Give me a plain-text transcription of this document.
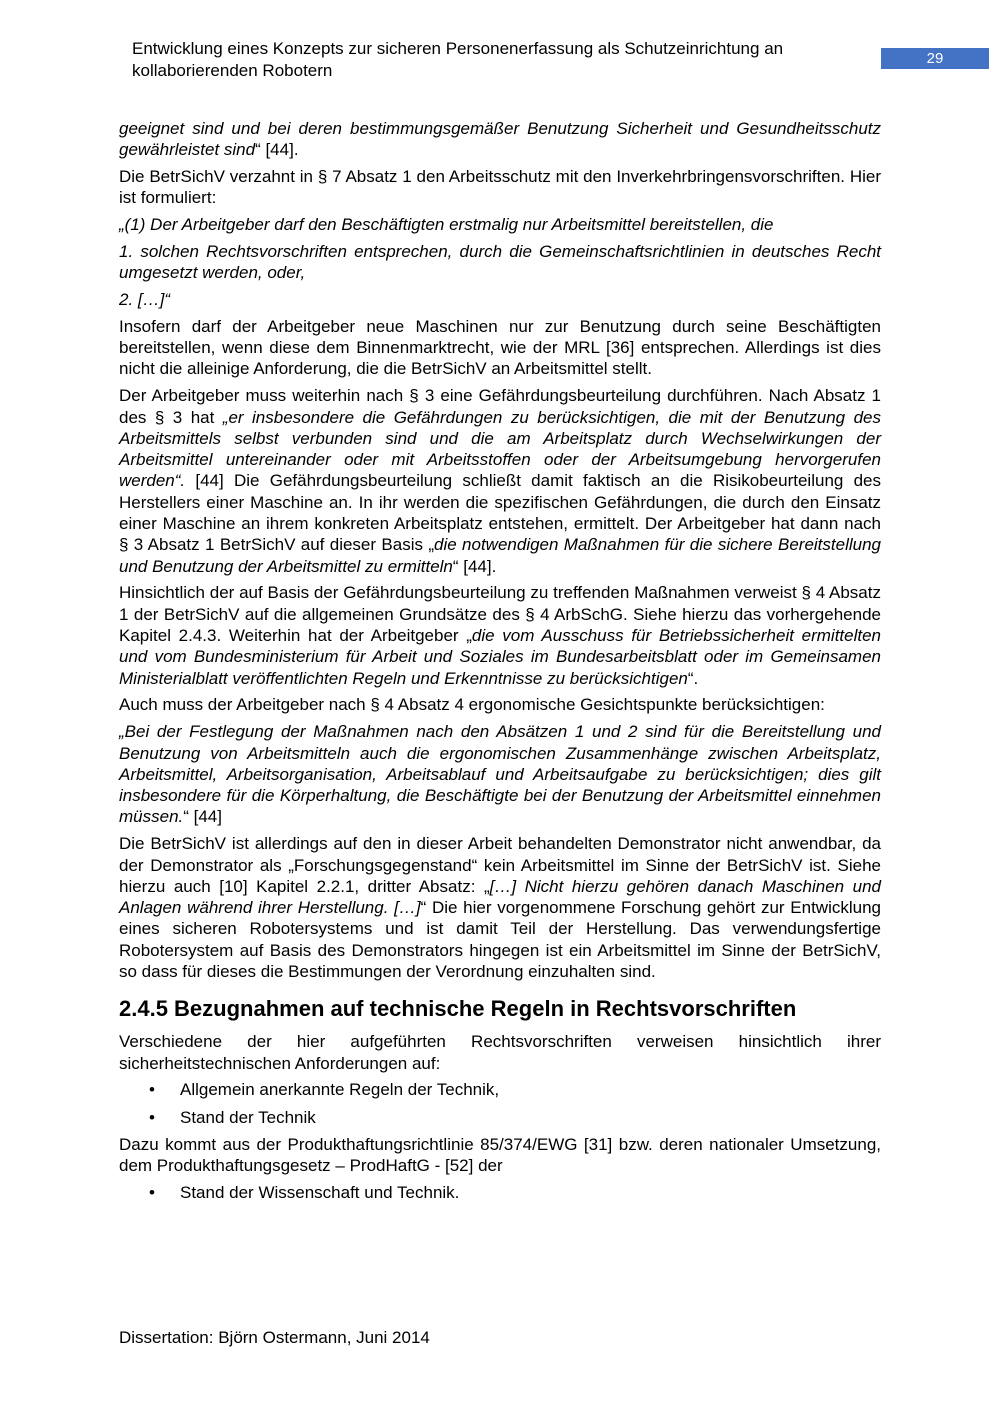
Entwicklung eines Konzepts zur sicheren Personenerfassung als Schutzeinrichtung an kollaborierenden Robotern
29

geeignet sind und bei deren bestimmungsgemäßer Benutzung Sicherheit und Gesundheitsschutz gewährleistet sind“ [44].

Die BetrSichV verzahnt in § 7 Absatz 1 den Arbeitsschutz mit den Inverkehrbringensvorschriften. Hier ist formuliert:

„(1) Der Arbeitgeber darf den Beschäftigten erstmalig nur Arbeitsmittel bereitstellen, die

1. solchen Rechtsvorschriften entsprechen, durch die Gemeinschaftsrichtlinien in deutsches Recht umgesetzt werden, oder,

2. […]“

Insofern darf der Arbeitgeber neue Maschinen nur zur Benutzung durch seine Beschäftigten bereitstellen, wenn diese dem Binnenmarktrecht, wie der MRL [36] entsprechen. Allerdings ist dies nicht die alleinige Anforderung, die die BetrSichV an Arbeitsmittel stellt.

Der Arbeitgeber muss weiterhin nach § 3 eine Gefährdungsbeurteilung durchführen. Nach Absatz 1 des § 3 hat „er insbesondere die Gefährdungen zu berücksichtigen, die mit der Benutzung des Arbeitsmittels selbst verbunden sind und die am Arbeitsplatz durch Wechselwirkungen der Arbeitsmittel untereinander oder mit Arbeitsstoffen oder der Arbeitsumgebung hervorgerufen werden“. [44] Die Gefährdungsbeurteilung schließt damit faktisch an die Risikobeurteilung des Herstellers einer Maschine an. In ihr werden die spezifischen Gefährdungen, die durch den Einsatz einer Maschine an ihrem konkreten Arbeitsplatz entstehen, ermittelt. Der Arbeitgeber hat dann nach § 3 Absatz 1 BetrSichV auf dieser Basis „die notwendigen Maßnahmen für die sichere Bereitstellung und Benutzung der Arbeitsmittel zu ermitteln“ [44].

Hinsichtlich der auf Basis der Gefährdungsbeurteilung zu treffenden Maßnahmen verweist § 4 Absatz 1 der BetrSichV auf die allgemeinen Grundsätze des § 4 ArbSchG. Siehe hierzu das vorhergehende Kapitel 2.4.3. Weiterhin hat der Arbeitgeber „die vom Ausschuss für Betriebssicherheit ermittelten und vom Bundesministerium für Arbeit und Soziales im Bundesarbeitsblatt oder im Gemeinsamen Ministerialblatt veröffentlichten Regeln und Erkenntnisse zu berücksichtigen“.

Auch muss der Arbeitgeber nach § 4 Absatz 4 ergonomische Gesichtspunkte berücksichtigen:

„Bei der Festlegung der Maßnahmen nach den Absätzen 1 und 2 sind für die Bereitstellung und Benutzung von Arbeitsmitteln auch die ergonomischen Zusammenhänge zwischen Arbeitsplatz, Arbeitsmittel, Arbeitsorganisation, Arbeitsablauf und Arbeitsaufgabe zu berücksichtigen; dies gilt insbesondere für die Körperhaltung, die Beschäftigte bei der Benutzung der Arbeitsmittel einnehmen müssen.“ [44]

Die BetrSichV ist allerdings auf den in dieser Arbeit behandelten Demonstrator nicht anwendbar, da der Demonstrator als „Forschungsgegenstand“ kein Arbeitsmittel im Sinne der BetrSichV ist. Siehe hierzu auch [10] Kapitel 2.2.1, dritter Absatz: „[…] Nicht hierzu gehören danach Maschinen und Anlagen während ihrer Herstellung. […]“ Die hier vorgenommene Forschung gehört zur Entwicklung eines sicheren Robotersystems und ist damit Teil der Herstellung. Das verwendungsfertige Robotersystem auf Basis des Demonstrators hingegen ist ein Arbeitsmittel im Sinne der BetrSichV, so dass für dieses die Bestimmungen der Verordnung einzuhalten sind.

2.4.5 Bezugnahmen auf technische Regeln in Rechtsvorschriften

Verschiedene der hier aufgeführten Rechtsvorschriften verweisen hinsichtlich ihrer sicherheitstechnischen Anforderungen auf:

• Allgemein anerkannte Regeln der Technik,
• Stand der Technik

Dazu kommt aus der Produkthaftungsrichtlinie 85/374/EWG [31] bzw. deren nationaler Umsetzung, dem Produkthaftungsgesetz – ProdHaftG - [52] der

• Stand der Wissenschaft und Technik.
Dissertation: Björn Ostermann, Juni 2014
